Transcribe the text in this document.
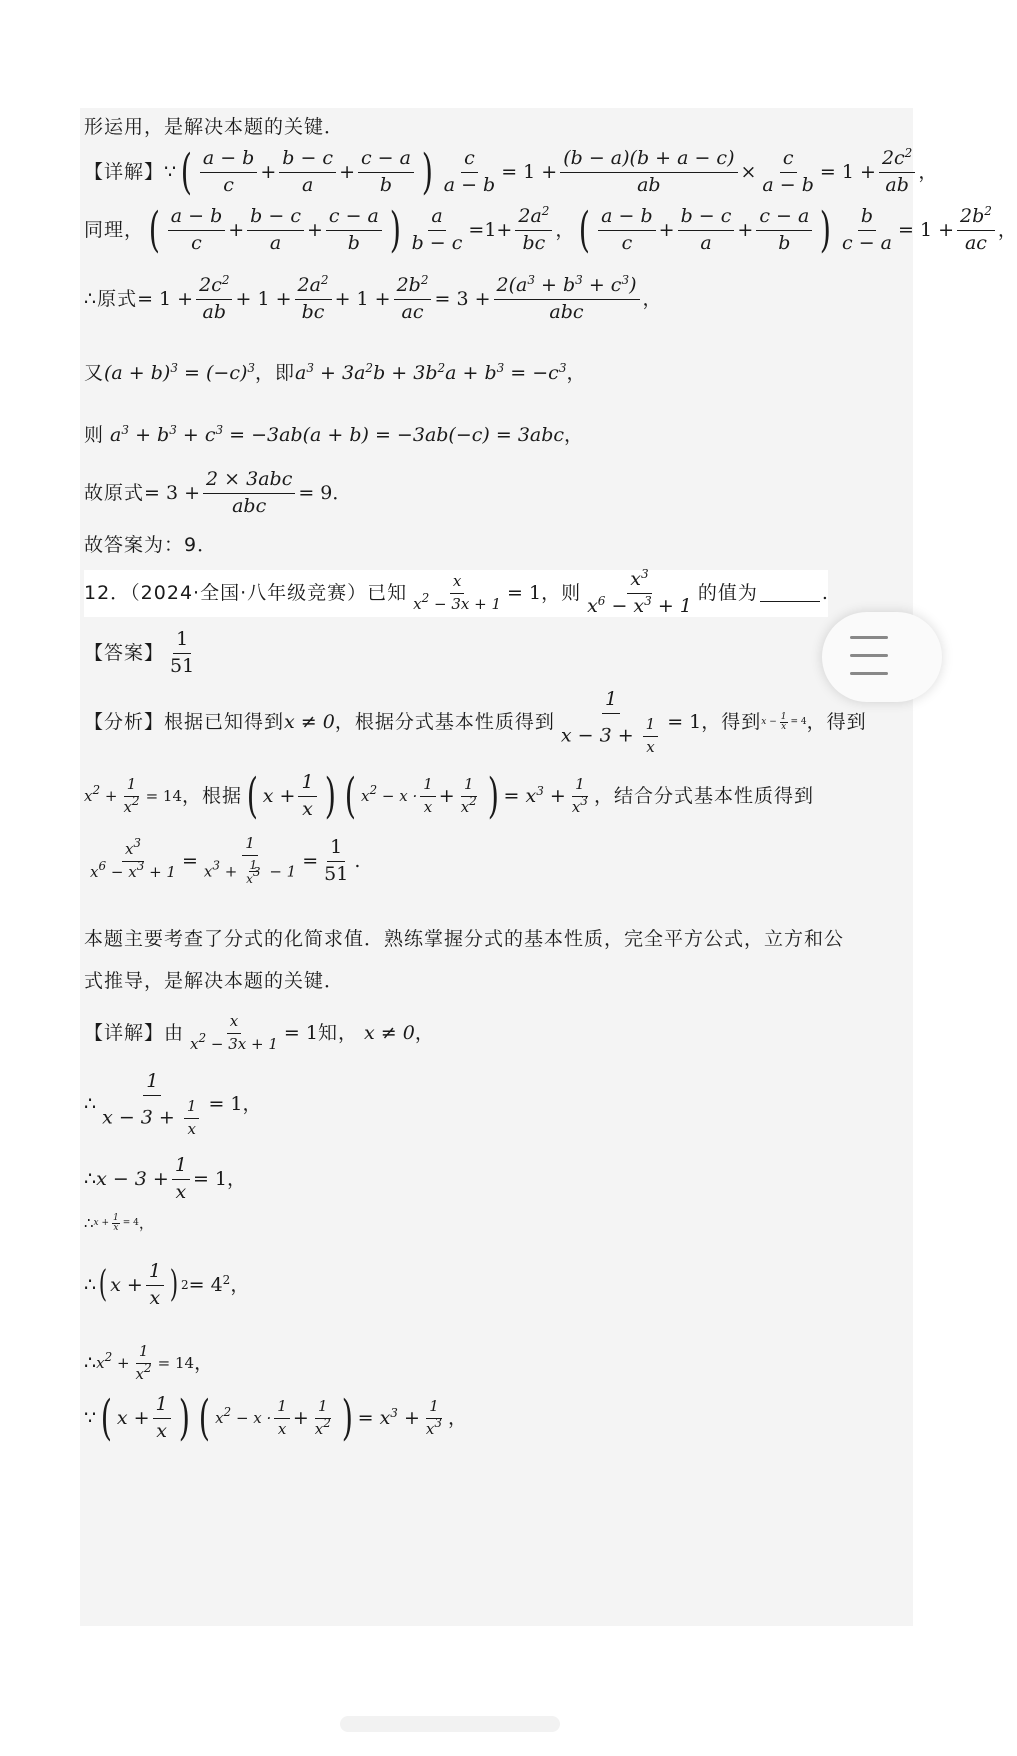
形运用，是解决本题的关键．
【详解】 ∵ ( $\frac{a - b}{c} + \frac{b - c}{a} + \frac{c - a}{b}$ ) $\frac{c}{a - b} = 1 + \frac{(b - a)(b + a - c)}{ab} \times \frac{c}{a - b} = 1 + \frac{2c^2}{ab}$ ，
同理， ( $\frac{a - b}{c} + \frac{b - c}{a} + \frac{c - a}{b}$ ) $\frac{a}{b - c} =1+ \frac{2a^2}{bc}$ ， ( $\frac{a - b}{c} + \frac{b - c}{a} + \frac{c - a}{b}$ ) $\frac{b}{c - a} = 1 + \frac{2b^2}{ac}$ ，
∴原式 = $1 + \frac{2c^2}{ab} + 1 + \frac{2a^2}{bc} + 1 + \frac{2b^2}{ac} = 3 + \frac{2(a^3 + b^3 + c^3)}{\text{abc}}$ ，
又 $(a + b)^3 = (-c)^3$ ，即 $a^3 + 3a^2b + 3b^2a + b^3 = -c^3$ ，
则 $a^3 + b^3 + c^3 = -3ab(a + b) = -3ab(-c) = 3abc$ ，
故原式 = $3 + \frac{\text{2 × 3abc}}{\text{abc}} = 9$．
故答案为：9．
12．（2024·全国·八年级竞赛）已知 $\frac{x}{x^2 - 3x + 1} = 1$ ，则 $\frac{x^3}{x^6 - x^3 + 1}$ 的值为	.
【答案】 $\frac{1}{51}$
【分析】 根据已知得到 x ≠ 0 ，根据分式基本性质得到 $\frac{1}{x - 3 + \frac{1}{x}} = 1$ ，得到 $x - \frac{1}{x} = 4$ ，得到
$x^2 + \frac{1}{x^2} = 14$ ，根据 ( $x + \frac{1}{x}$ ) ( $x^2 - x \cdot \frac{1}{x} + \frac{1}{x^2}$ ) = $x^3 + \frac{1}{x^3}$ ，结合分式基本性质得到
$\frac{x^3}{x^6 - x^3 + 1} = \frac{1}{x^3 + \frac{1}{x^3} - 1} = \frac{1}{51}$ .
本题主要考查了分式的化简求值．熟练掌握分式的基本性质，完全平方公式，立方和公
式推导，是解决本题的关键．
【详解】 由 $\frac{x}{x^2 - 3x + 1} = 1$ 知， x ≠ 0 ，
∴ $\frac{1}{x - 3 + \frac{1}{x}} = 1$，
∴ $x - 3 + \frac{1}{x} = 1$，
∴ $x + \frac{1}{x} = 4$ ，
∴ ( $x + \frac{1}{x}$ ) $2 = 4^2$，
∴ $x^2 + \frac{1}{x^2} = 14$ ，
∵ ( $x + \frac{1}{x}$ ) ( $x^2 - x \cdot \frac{1}{x} + \frac{1}{x^2}$ ) = $x^3 + \frac{1}{x^3}$ ，
